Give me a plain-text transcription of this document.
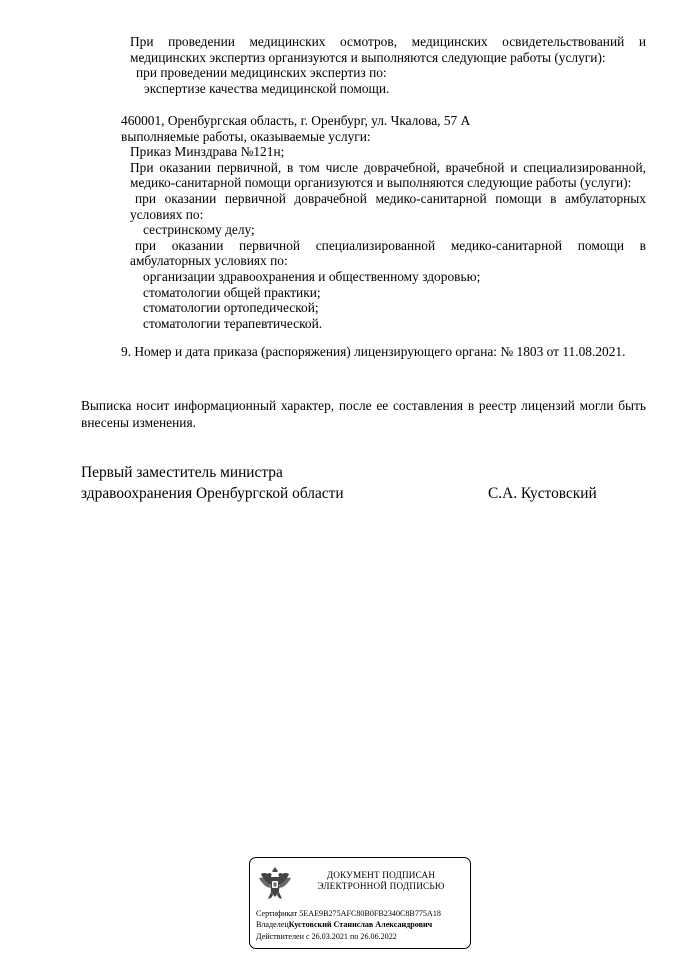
При проведении медицинских осмотров, медицинских освидетельствований и
медицинских экспертиз организуются и выполняются следующие работы (услуги):
при проведении медицинских экспертиз по:
экспертизе качества медицинской помощи.
460001, Оренбургская область, г. Оренбург, ул. Чкалова, 57 А
выполняемые работы, оказываемые услуги:
Приказ Минздрава №121н;
При оказании первичной, в том числе доврачебной, врачебной и специализированной,
медико-санитарной помощи организуются и выполняются следующие работы (услуги):
при оказании первичной доврачебной медико-санитарной помощи в амбулаторных
условиях по:
сестринскому делу;
при оказании первичной специализированной медико-санитарной помощи в
амбулаторных условиях по:
организации здравоохранения и общественному здоровью;
стоматологии общей практики;
стоматологии ортопедической;
стоматологии терапевтической.
9. Номер и дата приказа (распоряжения) лицензирующего органа: № 1803 от 11.08.2021.
Выписка носит информационный характер, после ее составления в реестр лицензий могли быть
внесены изменения.
Первый заместитель министра
здравоохранения Оренбургской области	С.А. Кустовский
ДОКУМЕНТ ПОДПИСАН
ЭЛЕКТРОННОЙ ПОДПИСЬЮ
Сертификат 5EAE9B275AFC80B0FB2340C8B775A18
ВладелецКустовский Станислав Александрович
Действителен с 26.03.2021 по 26.06.2022
